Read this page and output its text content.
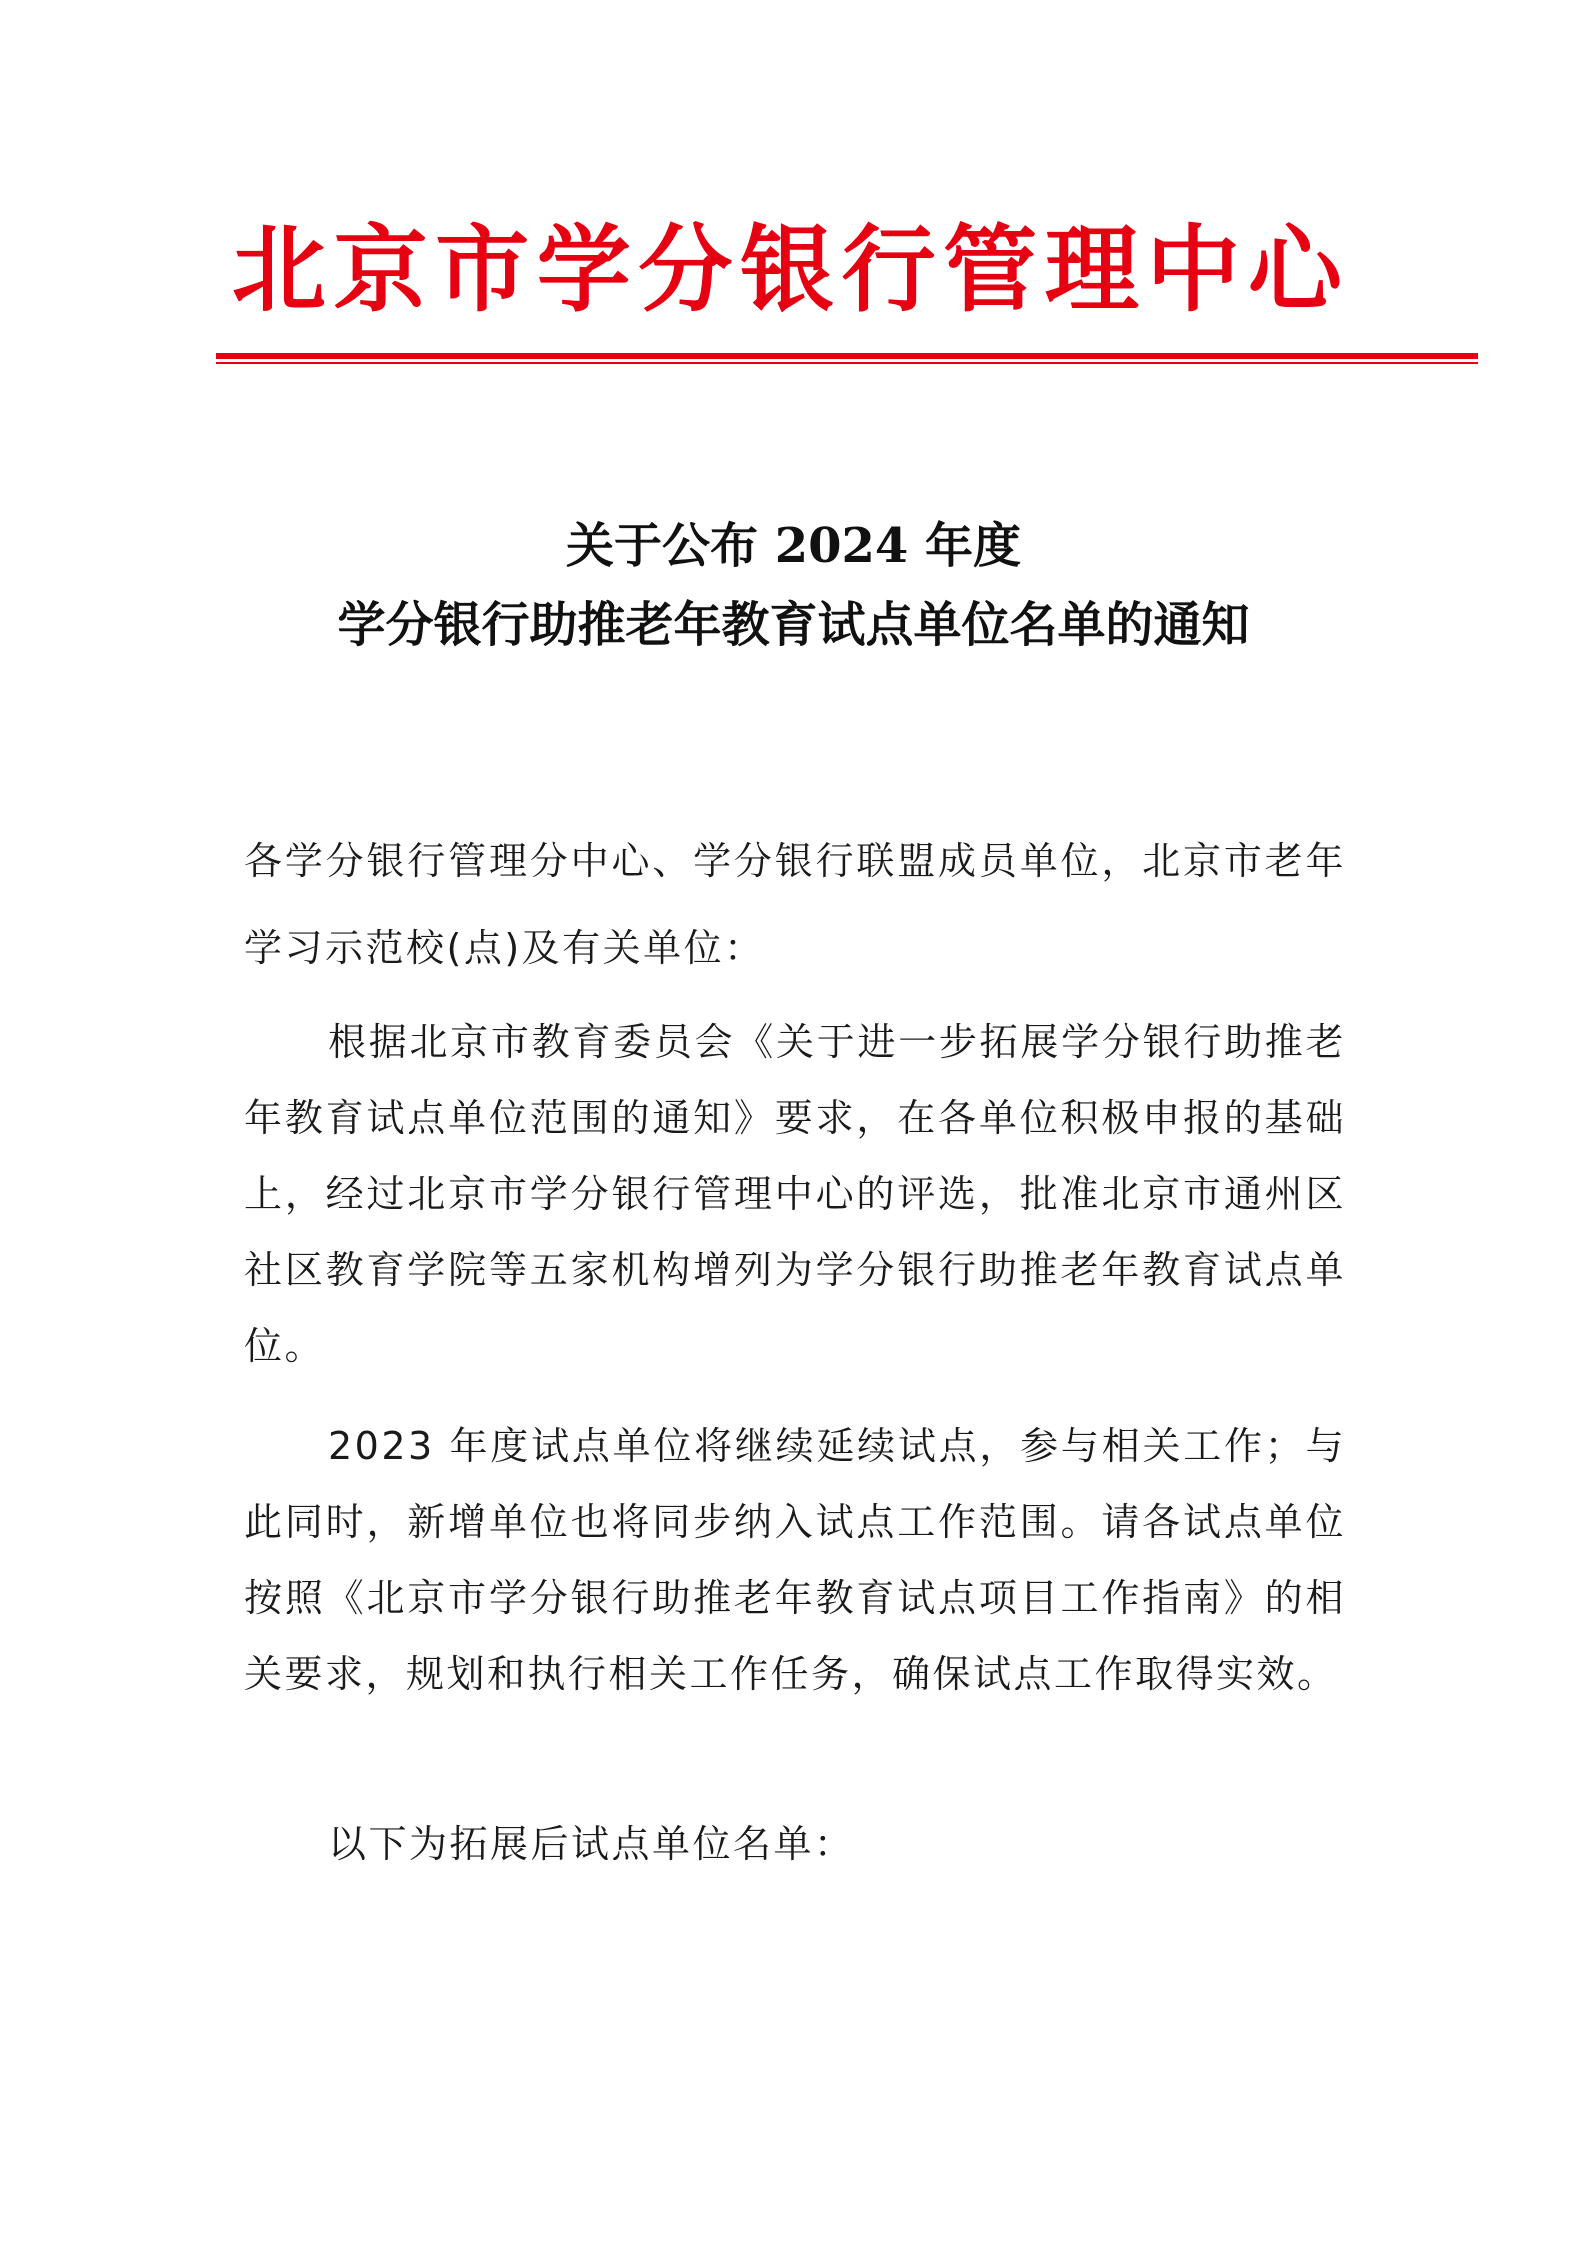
北 京 市 学 分 银 行 管 理 中 心
关于公布 2024 年度
学分银行助推老年教育试点单位名单的通知
各学分银行管理分中心、学分银行联盟成员单位，北京市老年学习示范校(点)及有关单位：
根据北京市教育委员会《关于进一步拓展学分银行助推老年教育试点单位范围的通知》要求，在各单位积极申报的基础上，经过北京市学分银行管理中心的评选，批准北京市通州区社区教育学院等五家机构增列为学分银行助推老年教育试点单位。
2023 年度试点单位将继续延续试点，参与相关工作；与此同时，新增单位也将同步纳入试点工作范围。请各试点单位按照《北京市学分银行助推老年教育试点项目工作指南》的相关要求，规划和执行相关工作任务，确保试点工作取得实效。
以下为拓展后试点单位名单：
